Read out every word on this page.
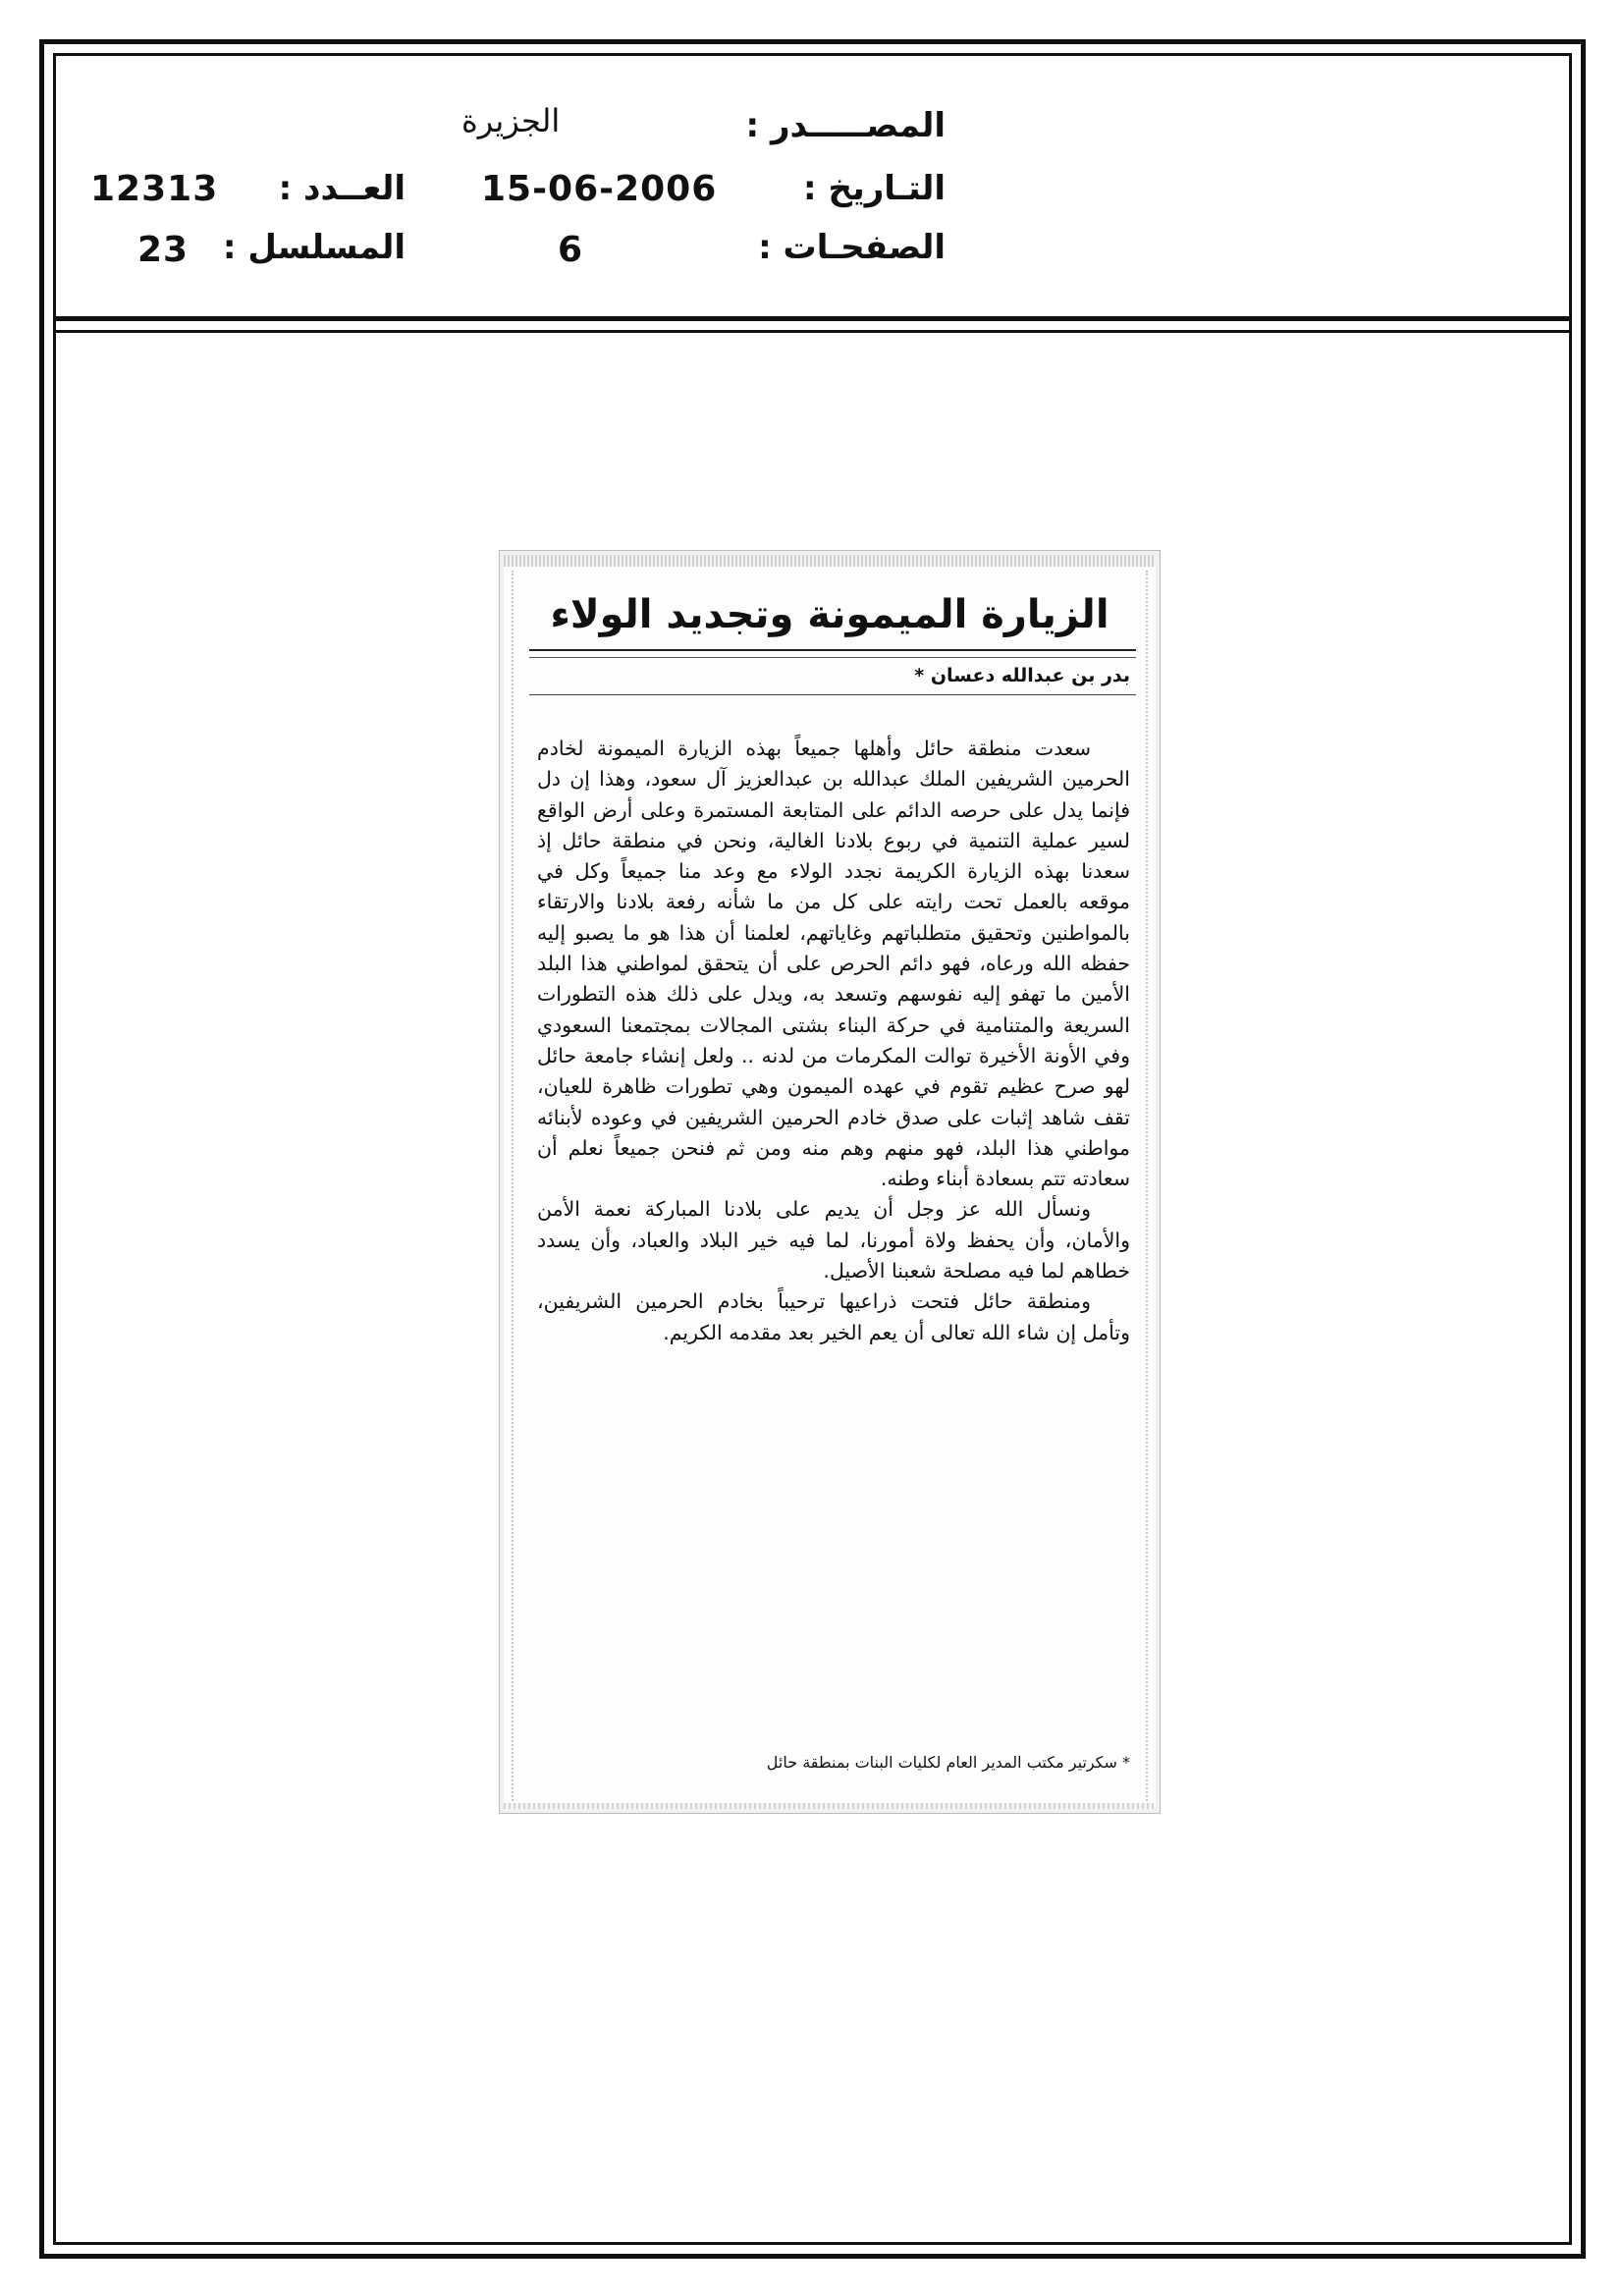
المصـــــدر :
الجزيرة
التـاريخ :
15-06-2006
العــدد :
12313
الصفحـات :
6
المسلسل :
23
الزيارة الميمونة وتجديد الولاء
بدر بن عبدالله دعسان *

سعدت منطقة حائل وأهلها جميعاً بهذه الزيارة الميمونة لخادم الحرمين الشريفين الملك عبدالله بن عبدالعزيز آل سعود، وهذا إن دل فإنما يدل على حرصه الدائم على المتابعة المستمرة وعلى أرض الواقع لسير عملية التنمية في ربوع بلادنا الغالية، ونحن في منطقة حائل إذ سعدنا بهذه الزيارة الكريمة نجدد الولاء مع وعد منا جميعاً وكل في موقعه بالعمل تحت رايته على كل من ما شأنه رفعة بلادنا والارتقاء بالمواطنين وتحقيق متطلباتهم وغاياتهم، لعلمنا أن هذا هو ما يصبو إليه حفظه الله ورعاه، فهو دائم الحرص على أن يتحقق لمواطني هذا البلد الأمين ما تهفو إليه نفوسهم وتسعد به، ويدل على ذلك هذه التطورات السريعة والمتنامية في حركة البناء بشتى المجالات بمجتمعنا السعودي وفي الأونة الأخيرة توالت المكرمات من لدنه .. ولعل إنشاء جامعة حائل لهو صرح عظيم تقوم في عهده الميمون وهي تطورات ظاهرة للعيان، تقف شاهد إثبات على صدق خادم الحرمين الشريفين في وعوده لأبنائه مواطني هذا البلد، فهو منهم وهم منه ومن ثم فنحن جميعاً نعلم أن سعادته تتم بسعادة أبناء وطنه.

ونسأل الله عز وجل أن يديم على بلادنا المباركة نعمة الأمن والأمان، وأن يحفظ ولاة أمورنا، لما فيه خير البلاد والعباد، وأن يسدد خطاهم لما فيه مصلحة شعبنا الأصيل.

ومنطقة حائل فتحت ذراعيها ترحيباً بخادم الحرمين الشريفين، وتأمل إن شاء الله تعالى أن يعم الخير بعد مقدمه الكريم.

* سكرتير مكتب المدير العام لكليات البنات بمنطقة حائل
